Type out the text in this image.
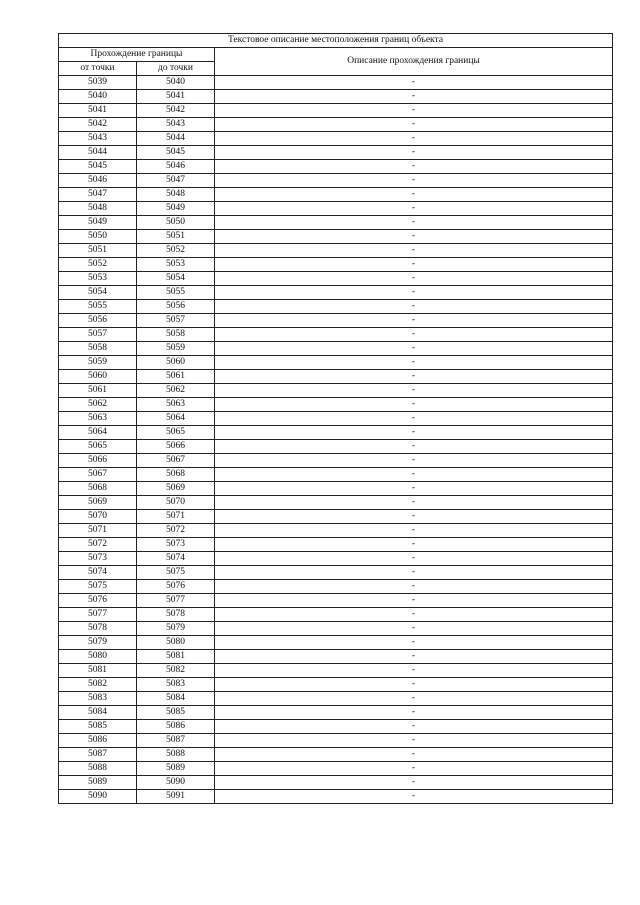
Текстовое описание местоположения границ объекта		
Прохождение границы		Описание прохождения границы
от точки	до точки	
5039	5040	-
5040	5041	-
5041	5042	-
5042	5043	-
5043	5044	-
5044	5045	-
5045	5046	-
5046	5047	-
5047	5048	-
5048	5049	-
5049	5050	-
5050	5051	-
5051	5052	-
5052	5053	-
5053	5054	-
5054	5055	-
5055	5056	-
5056	5057	-
5057	5058	-
5058	5059	-
5059	5060	-
5060	5061	-
5061	5062	-
5062	5063	-
5063	5064	-
5064	5065	-
5065	5066	-
5066	5067	-
5067	5068	-
5068	5069	-
5069	5070	-
5070	5071	-
5071	5072	-
5072	5073	-
5073	5074	-
5074	5075	-
5075	5076	-
5076	5077	-
5077	5078	-
5078	5079	-
5079	5080	-
5080	5081	-
5081	5082	-
5082	5083	-
5083	5084	-
5084	5085	-
5085	5086	-
5086	5087	-
5087	5088	-
5088	5089	-
5089	5090	-
5090	5091	-
